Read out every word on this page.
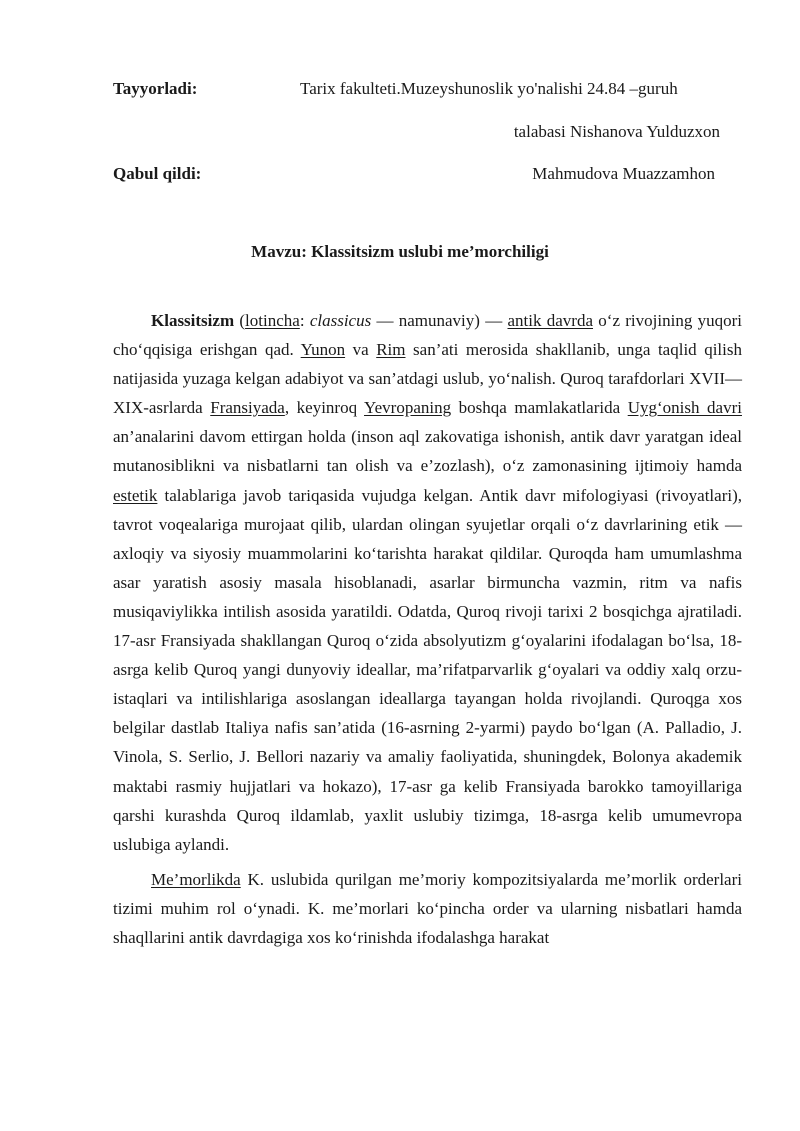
Tayyorladi:	Tarix fakulteti.Muzeyshunoslik yo'nalishi 24.84 –guruh
talabasi Nishanova Yulduzxon
Qabul qildi:	Mahmudova Muazzamhon
Mavzu: Klassitsizm uslubi me’morchiligi

Klassitsizm (lotincha: classicus — namunaviy) — antik davrda o‘z rivojining yuqori cho‘qqisiga erishgan qad. Yunon va Rim san’ati merosida shakllanib, unga taqlid qilish natijasida yuzaga kelgan adabiyot va san’atdagi uslub, yo‘nalish. Quroq tarafdorlari XVII—XIX-asrlarda Fransiyada, keyinroq Yevropaning boshqa mamlakatlarida Uyg‘onish davri an’analarini davom ettirgan holda (inson aql zakovatiga ishonish, antik davr yaratgan ideal mutanosiblikni va nisbatlarni tan olish va e’zozlash), o‘z zamonasining ijtimoiy hamda estetik talablariga javob tariqasida vujudga kelgan. Antik davr mifologiyasi (rivoyatlari), tavrot voqealariga murojaat qilib, ulardan olingan syujetlar orqali o‘z davrlarining etik — axloqiy va siyosiy muammolarini ko‘tarishta harakat qildilar. Quroqda ham umumlashma asar yaratish asosiy masala hisoblanadi, asarlar birmuncha vazmin, ritm va nafis musiqaviylikka intilish asosida yaratildi. Odatda, Quroq rivoji tarixi 2 bosqichga ajratiladi. 17-asr Fransiyada shakllangan Quroq o‘zida absolyutizm g‘oyalarini ifodalagan bo‘lsa, 18-asrga kelib Quroq yangi dunyoviy ideallar, ma’rifatparvarlik g‘oyalari va oddiy xalq orzu-istaqlari va intilishlariga asoslangan ideallarga tayangan holda rivojlandi. Quroqga xos belgilar dastlab Italiya nafis san’atida (16-asrning 2-yarmi) paydo bo‘lgan (A. Palladio, J. Vinola, S. Serlio, J. Bellori nazariy va amaliy faoliyatida, shuningdek, Bolonya akademik maktabi rasmiy hujjatlari va hokazo), 17-asr ga kelib Fransiyada barokko tamoyillariga qarshi kurashda Quroq ildamlab, yaxlit uslubiy tizimga, 18-asrga kelib umumevropa uslubiga aylandi.

Me’morlikda K. uslubida qurilgan me’moriy kompozitsiyalarda me’morlik orderlari tizimi muhim rol o‘ynadi. K. me’morlari ko‘pincha order va ularning nisbatlari hamda shaqllarini antik davrdagiga xos ko‘rinishda ifodalashga harakat
